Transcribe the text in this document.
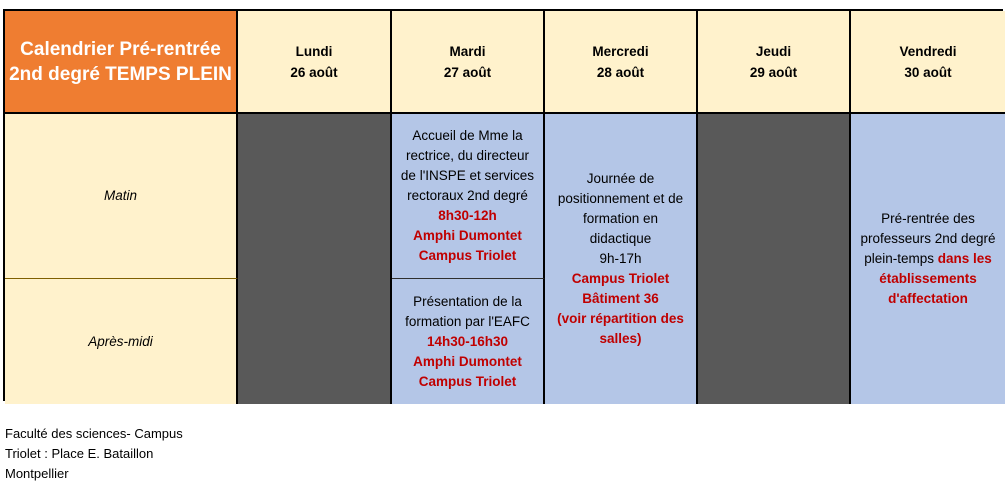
Calendrier Pré-rentrée
2nd degré TEMPS PLEIN
Lundi
26 août
Mardi
27 août
Mercredi
28 août
Jeudi
29 août
Vendredi
30 août
Matin
Après-midi
Accueil de Mme la
rectrice, du directeur
de l'INSPE et services
rectoraux 2nd degré
8h30-12h
Amphi Dumontet
Campus Triolet
Présentation de la
formation par l'EAFC
14h30-16h30
Amphi Dumontet
Campus Triolet
Journée de
positionnement et de
formation en
didactique
9h-17h
Campus Triolet
Bâtiment 36
(voir répartition des
salles)
Pré-rentrée des
professeurs 2nd degré
plein-temps dans les
établissements
d'affectation
Faculté des sciences- Campus
Triolet : Place E. Bataillon
Montpellier
